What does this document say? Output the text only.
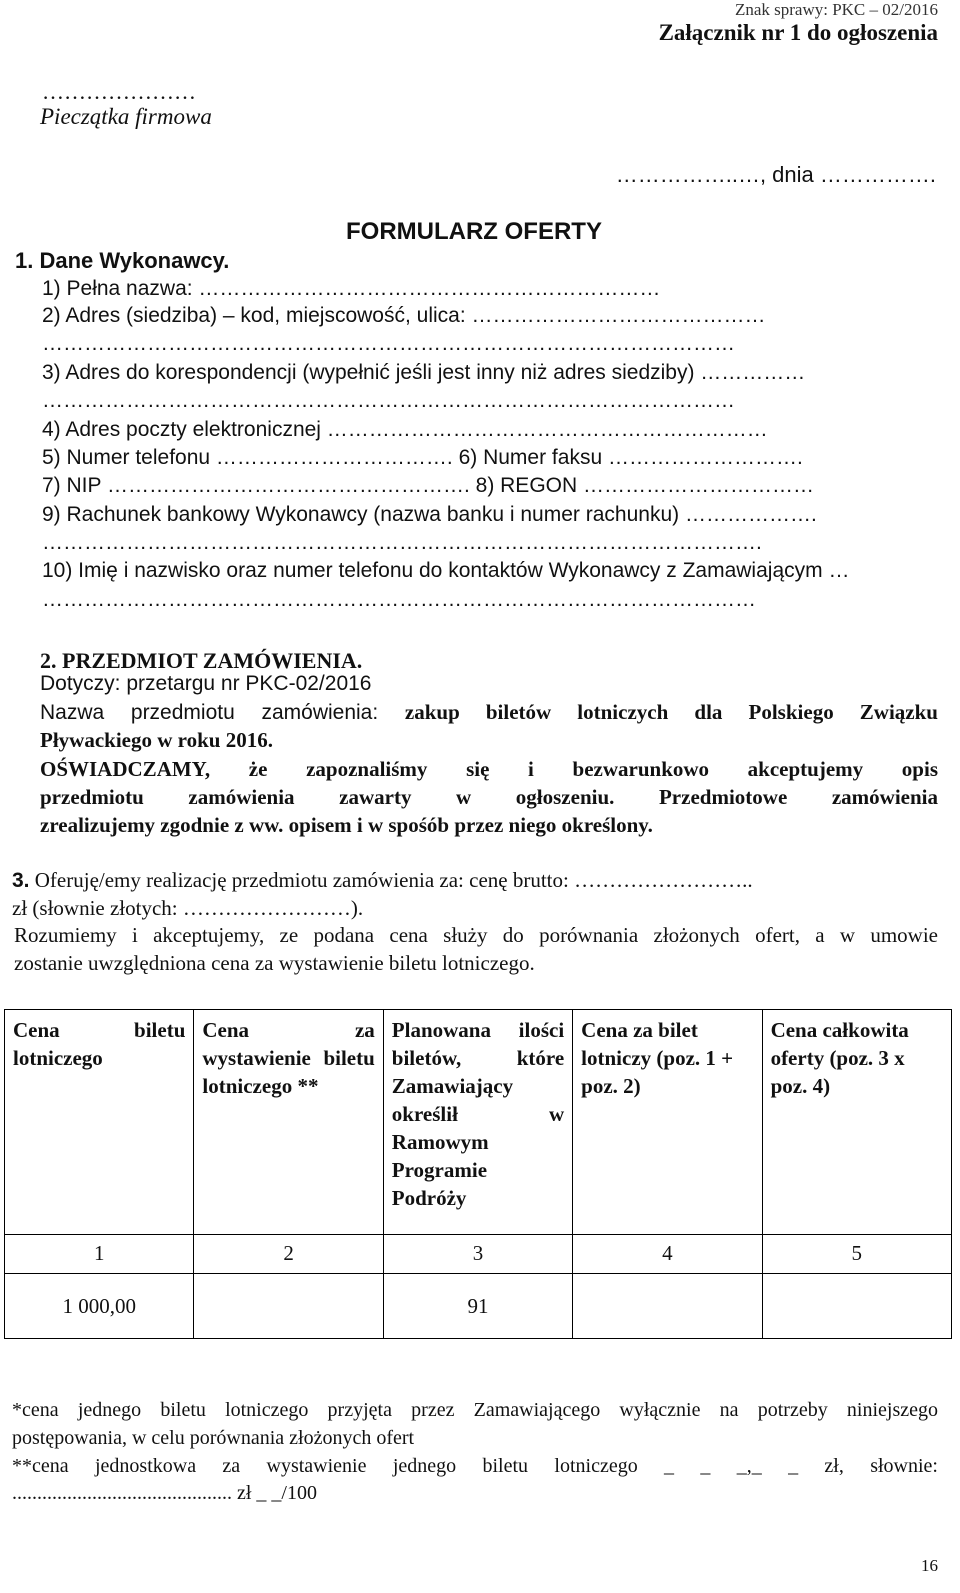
Znak sprawy: PKC – 02/2016
Załącznik nr 1 do ogłoszenia
…………………
Pieczątka firmowa
……………..…, dnia …………….
FORMULARZ OFERTY
1. Dane Wykonawcy.
1) Pełna nazwa: …………………………………………………………
2) Adres (siedziba) – kod, miejscowość, ulica: ……………………………………
………………………………………………………………………………………
3) Adres do korespondencji (wypełnić jeśli jest inny niż adres siedziby) ……………
………………………………………………………………………………………
4) Adres poczty elektronicznej ………………………………………………………
5) Numer telefonu ……………………………. 6) Numer faksu ……………………….
7) NIP ……………………………………………. 8) REGON ……………………………
9) Rachunek bankowy Wykonawcy (nazwa banku i numer rachunku) ……………….
………………………………………………………………………………………….
10) Imię i nazwisko oraz numer telefonu do kontaktów Wykonawcy z Zamawiającym …
…………………………………………………………………………………………
2. PRZEDMIOT ZAMÓWIENIA.
Dotyczy: przetargu nr PKC-02/2016
Nazwa przedmiotu zamówienia: zakup biletów lotniczych dla Polskiego Związku
Pływackiego w roku 2016.
OŚWIADCZAMY, że zapoznaliśmy się i bezwarunkowo akceptujemy opis
przedmiotu zamówienia zawarty w ogłoszeniu. Przedmiotowe zamówienia
zrealizujemy zgodnie z ww. opisem i w spośób przez niego określony.
3. Oferuję/emy realizację przedmiotu zamówienia za: cenę brutto: ……………………..
zł (słownie złotych: ……………………).
Rozumiemy i akceptujemy, ze podana cena służy do porównania złożonych ofert, a w umowie
zostanie uwzględniona cena za wystawienie biletu lotniczego.
Cena biletu lotniczego	Cena za wystawienie biletu lotniczego **	Planowana ilości biletów, które Zamawiający określił w Ramowym Programie Podróży	Cena za bilet lotniczy (poz. 1 + poz. 2)	Cena całkowita oferty (poz. 3 x poz. 4)
1	2	3	4	5
1 000,00		91		
*cena jednego biletu lotniczego przyjęta przez Zamawiającego wyłącznie na potrzeby niniejszego
postępowania, w celu porównania złożonych ofert
**cena jednostkowa za wystawienie jednego biletu lotniczego _ _ _,_ _ zł, słownie:
............................................ zł _ _/100
16
